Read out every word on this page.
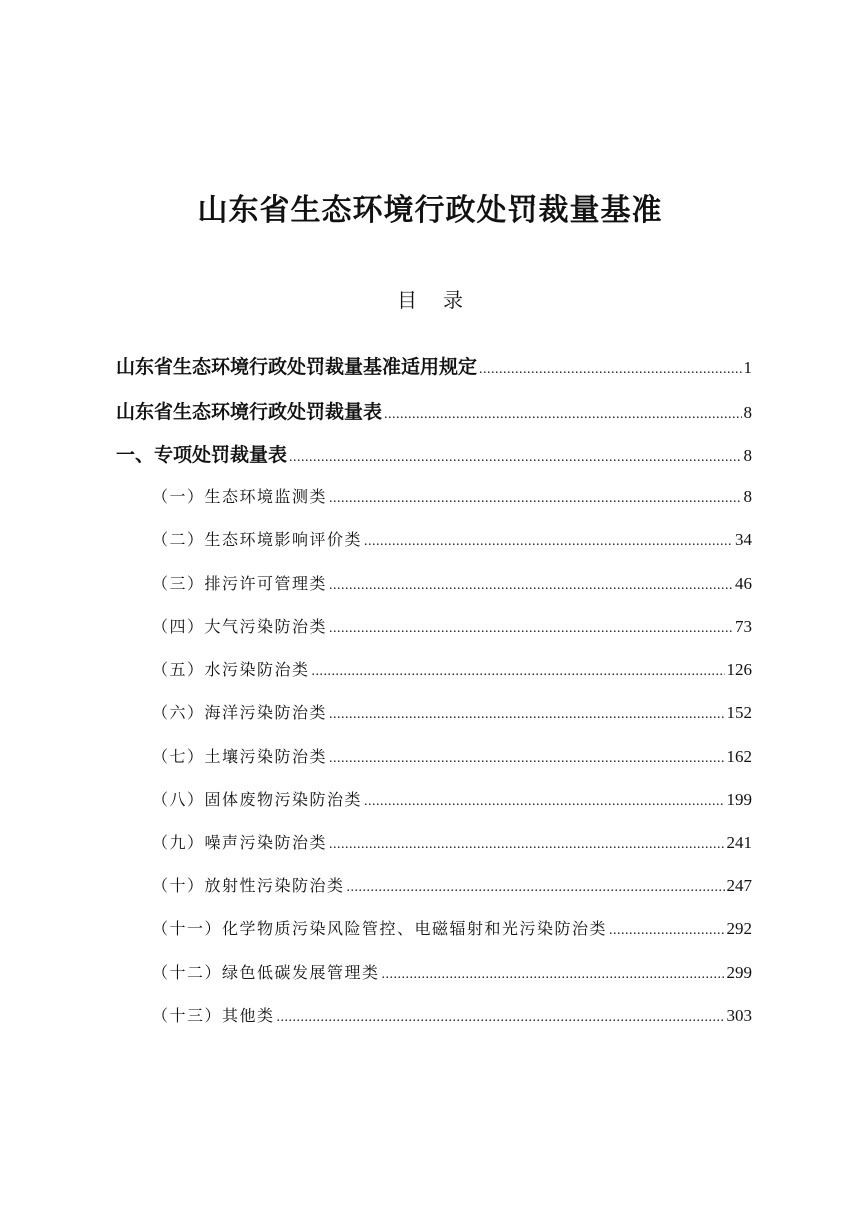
山东省生态环境行政处罚裁量基准
目 录
山东省生态环境行政处罚裁量基准适用规定 .....	1
山东省生态环境行政处罚裁量表 .....	8
一、专项处罚裁量表 .....	8
（一）生态环境监测类 .....	8
（二）生态环境影响评价类 .....	34
（三）排污许可管理类 .....	46
（四）大气污染防治类 .....	73
（五）水污染防治类 .....	126
（六）海洋污染防治类 .....	152
（七）土壤污染防治类 .....	162
（八）固体废物污染防治类 .....	199
（九）噪声污染防治类 .....	241
（十）放射性污染防治类 .....	247
（十一）化学物质污染风险管控、电磁辐射和光污染防治类 .....	292
（十二）绿色低碳发展管理类 .....	299
（十三）其他类 .....	303
